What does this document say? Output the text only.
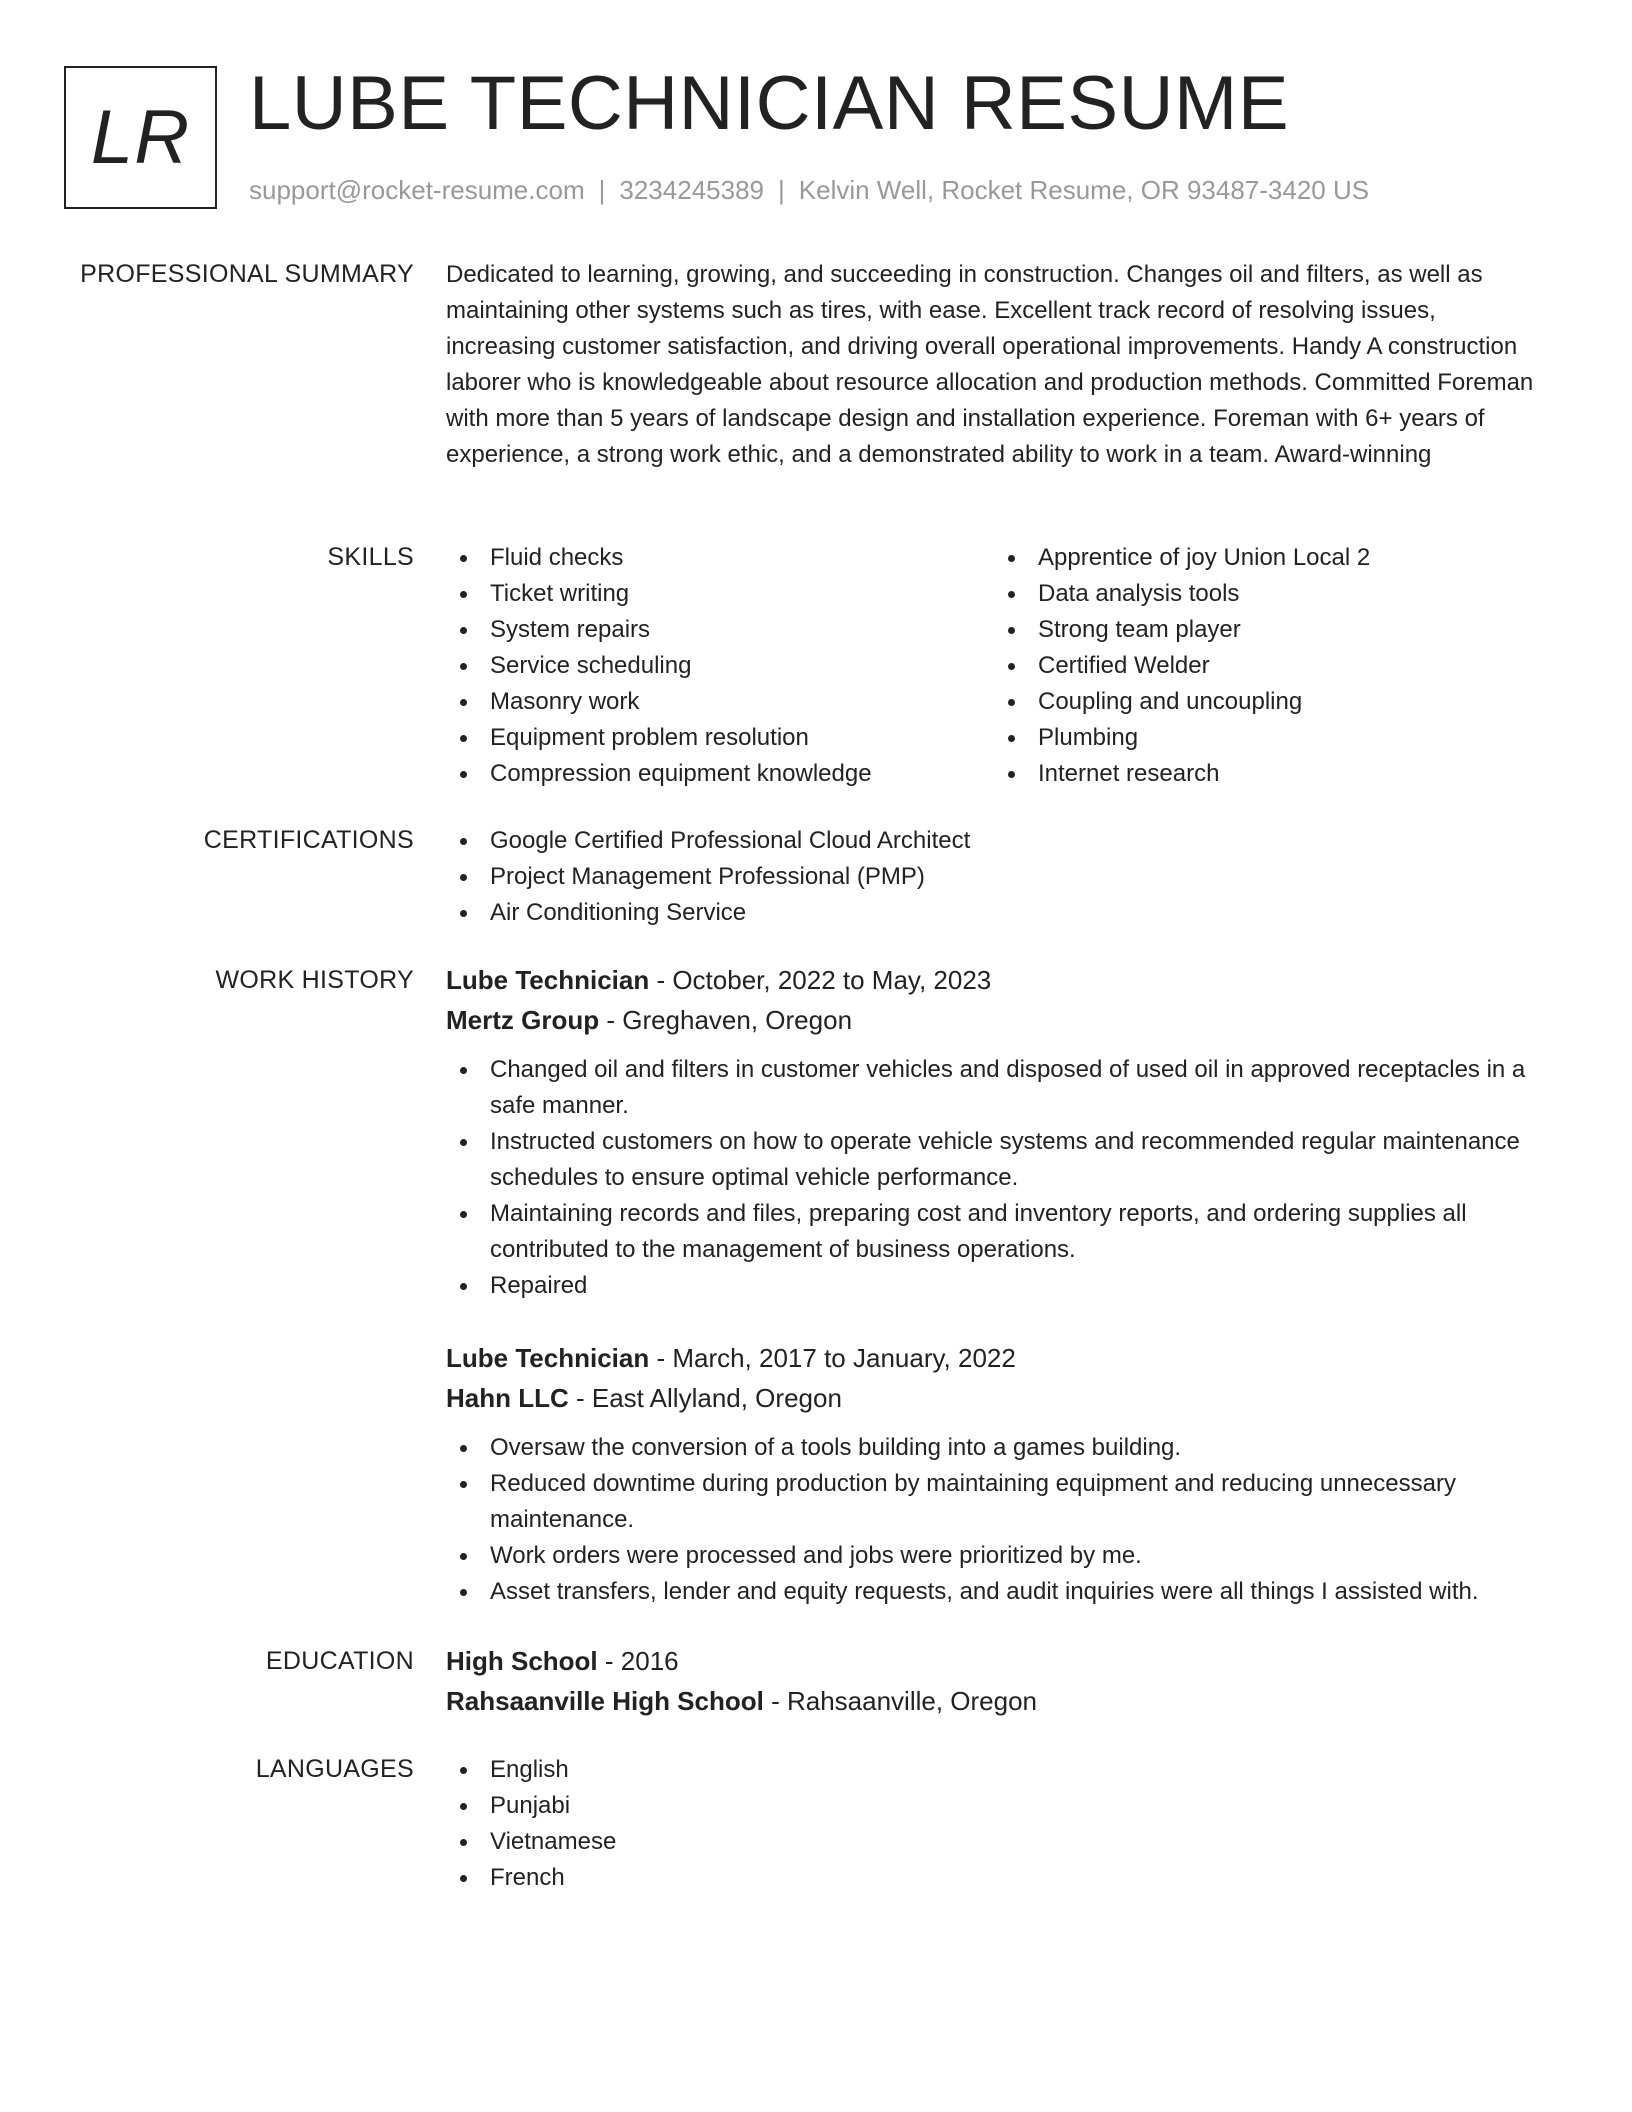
LR LUBE TECHNICIAN RESUME
support@rocket-resume.com | 3234245389 | Kelvin Well, Rocket Resume, OR 93487-3420 US
PROFESSIONAL SUMMARY Dedicated to learning, growing, and succeeding in construction. Changes oil and filters, as well as maintaining other systems such as tires, with ease. Excellent track record of resolving issues, increasing customer satisfaction, and driving overall operational improvements. Handy A construction laborer who is knowledgeable about resource allocation and production methods. Committed Foreman with more than 5 years of landscape design and installation experience. Foreman with 6+ years of experience, a strong work ethic, and a demonstrated ability to work in a team. Award-winning

SKILLS	Fluid checks
Ticket writing
System repairs
Service scheduling
Masonry work
Equipment problem resolution
Compression equipment knowledge
Apprentice of joy Union Local 2
Data analysis tools
Strong team player
Certified Welder
Coupling and uncoupling
Plumbing
Internet research
CERTIFICATIONS	Google Certified Professional Cloud Architect
Project Management Professional (PMP)
Air Conditioning Service
WORK HISTORY Lube Technician - October, 2022 to May, 2023
Mertz Group - Greghaven, Oregon
Changed oil and filters in customer vehicles and disposed of used oil in approved receptacles in a safe manner.
Instructed customers on how to operate vehicle systems and recommended regular maintenance schedules to ensure optimal vehicle performance.
Maintaining records and files, preparing cost and inventory reports, and ordering supplies all contributed to the management of business operations.
Repaired
Lube Technician - March, 2017 to January, 2022
Hahn LLC - East Allyland, Oregon
Oversaw the conversion of a tools building into a games building.
Reduced downtime during production by maintaining equipment and reducing unnecessary maintenance.
Work orders were processed and jobs were prioritized by me.
Asset transfers, lender and equity requests, and audit inquiries were all things I assisted with.
EDUCATION High School - 2016
Rahsaanville High School - Rahsaanville, Oregon
LANGUAGES	English
Punjabi
Vietnamese
French
